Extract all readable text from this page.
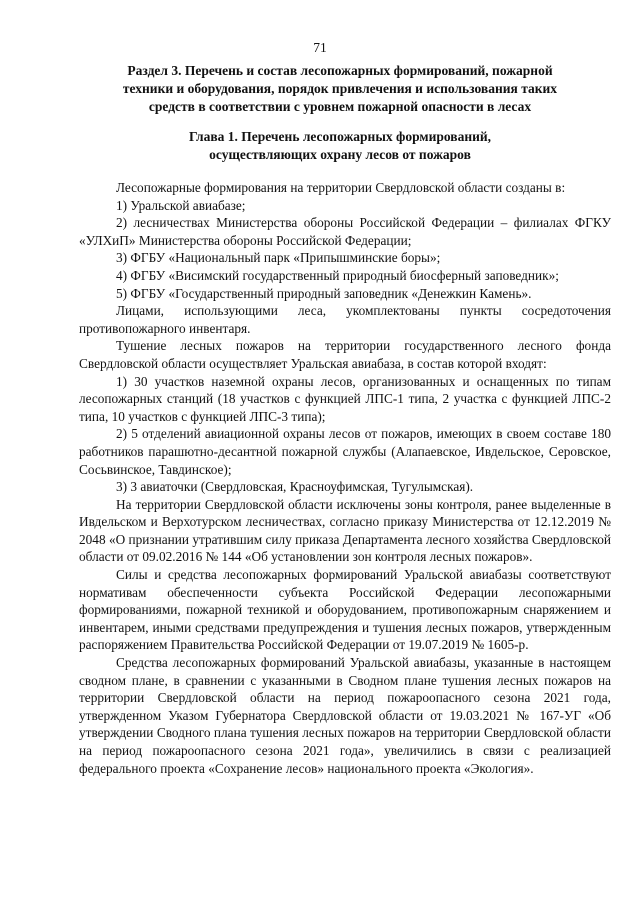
71
Раздел 3. Перечень и состав лесопожарных формирований, пожарной
техники и оборудования, порядок привлечения и использования таких
средств в соответствии с уровнем пожарной опасности в лесах
Глава 1. Перечень лесопожарных формирований,
осуществляющих охрану лесов от пожаров

Лесопожарные формирования на территории Свердловской области созданы в:

1) Уральской авиабазе;

2) лесничествах Министерства обороны Российской Федерации – филиалах ФГКУ «УЛХиП» Министерства обороны Российской Федерации;

3) ФГБУ «Национальный парк «Припышминские боры»;

4) ФГБУ «Висимский государственный природный биосферный заповедник»;

5) ФГБУ «Государственный природный заповедник «Денежкин Камень».

Лицами, использующими леса, укомплектованы пункты сосредоточения противопожарного инвентаря.

Тушение лесных пожаров на территории государственного лесного фонда Свердловской области осуществляет Уральская авиабаза, в состав которой входят:

1) 30 участков наземной охраны лесов, организованных и оснащенных по типам лесопожарных станций (18 участков с функцией ЛПС-1 типа, 2 участка с функцией ЛПС-2 типа, 10 участков с функцией ЛПС-3 типа);

2) 5 отделений авиационной охраны лесов от пожаров, имеющих в своем составе 180 работников парашютно-десантной пожарной службы (Алапаевское, Ивдельское, Серовское, Сосьвинское, Тавдинское);

3) 3 авиаточки (Свердловская, Красноуфимская, Тугулымская).

На территории Свердловской области исключены зоны контроля, ранее выделенные в Ивдельском и Верхотурском лесничествах, согласно приказу Министерства от 12.12.2019 № 2048 «О признании утратившим силу приказа Департамента лесного хозяйства Свердловской области от 09.02.2016 № 144 «Об установлении зон контроля лесных пожаров».

Силы и средства лесопожарных формирований Уральской авиабазы соответствуют нормативам обеспеченности субъекта Российской Федерации лесопожарными формированиями, пожарной техникой и оборудованием, противопожарным снаряжением и инвентарем, иными средствами предупреждения и тушения лесных пожаров, утвержденным распоряжением Правительства Российской Федерации от 19.07.2019 № 1605-р.

Средства лесопожарных формирований Уральской авиабазы, указанные в настоящем сводном плане, в сравнении с указанными в Сводном плане тушения лесных пожаров на территории Свердловской области на период пожароопасного сезона 2021 года, утвержденном Указом Губернатора Свердловской области от 19.03.2021 № 167-УГ «Об утверждении Сводного плана тушения лесных пожаров на территории Свердловской области на период пожароопасного сезона 2021 года», увеличились в связи с реализацией федерального проекта «Сохранение лесов» национального проекта «Экология».
